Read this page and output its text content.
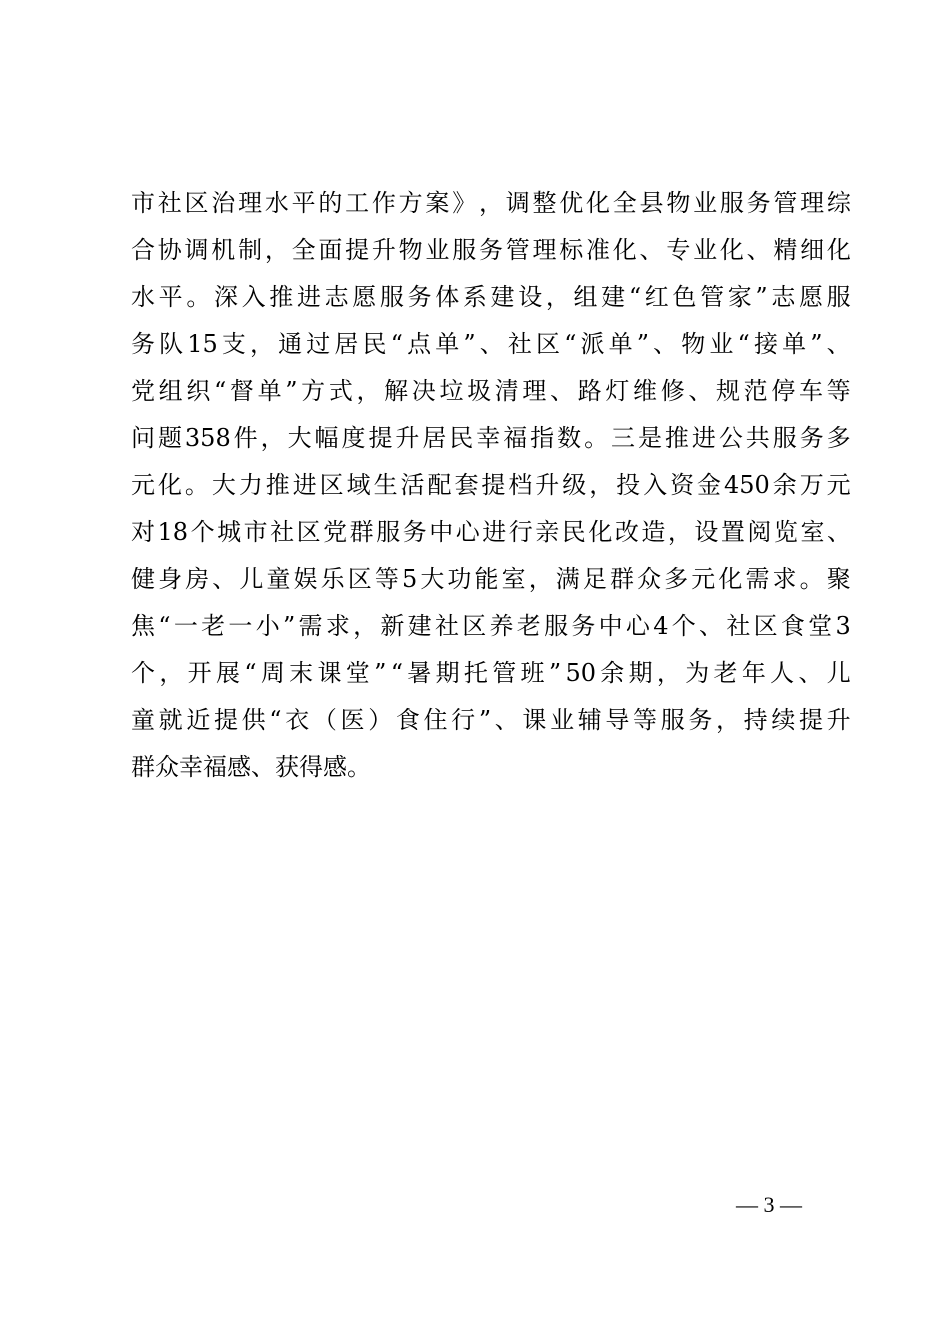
市 社 区 治 理 水 平 的 工 作 方 案 》 ， 调 整 优 化 全 县 物 业 服 务 管 理 综
合 协 调 机 制 ， 全 面 提 升 物 业 服 务 管 理 标 准 化 、 专 业 化 、 精 细 化
水 平 。 深 入 推 进 志 愿 服 务 体 系 建 设 ， 组 建 “ 红 色 管 家 ” 志 愿 服
务 队 15 支 ， 通 过 居 民 “ 点 单 ” 、 社 区 “ 派 单 ” 、 物 业 “ 接 单 ” 、
党 组 织 “ 督 单 ” 方 式 ， 解 决 垃 圾 清 理 、 路 灯 维 修 、 规 范 停 车 等
问 题 358 件 ， 大 幅 度 提 升 居 民 幸 福 指 数 。 三 是 推 进 公 共 服 务 多
元 化 。 大 力 推 进 区 域 生 活 配 套 提 档 升 级 ， 投 入 资 金 450 余 万 元
对 18 个 城 市 社 区 党 群 服 务 中 心 进 行 亲 民 化 改 造 ， 设 置 阅 览 室 、
健 身 房 、 儿 童 娱 乐 区 等 5 大 功 能 室 ， 满 足 群 众 多 元 化 需 求 。 聚
焦 “ 一 老 一 小 ” 需 求 ， 新 建 社 区 养 老 服 务 中 心 4 个 、 社 区 食 堂 3
个 ， 开 展 “ 周 末 课 堂 ” “ 暑 期 托 管 班 ” 50 余 期 ， 为 老 年 人 、 儿
童 就 近 提 供 “ 衣 （ 医 ） 食 住 行 ” 、 课 业 辅 导 等 服 务 ， 持 续 提 升
群众幸福感、获得感。
— 3 —
